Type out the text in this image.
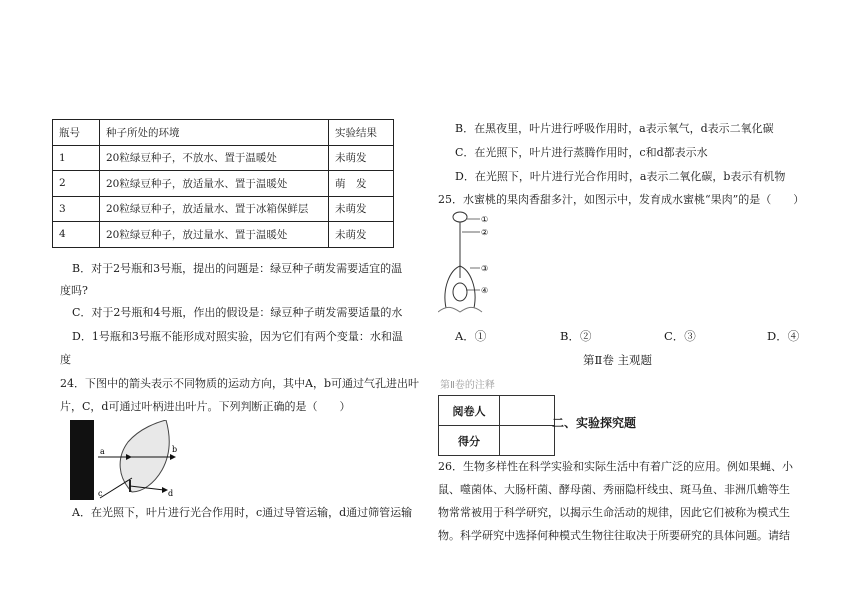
瓶号	种子所处的环境	实验结果
1	20粒绿豆种子，不放水、置于温暖处	未萌发
2	20粒绿豆种子，放适量水、置于温暖处	萌　发
3	20粒绿豆种子，放适量水、置于冰箱保鲜层	未萌发
4	20粒绿豆种子，放过量水、置于温暖处	未萌发
B．对于2号瓶和3号瓶，提出的问题是：绿豆种子萌发需要适宜的温
度吗?
C．对于2号瓶和4号瓶，作出的假设是：绿豆种子萌发需要适量的水
D．1号瓶和3号瓶不能形成对照实验，因为它们有两个变量：水和温
度
24．下图中的箭头表示不同物质的运动方向，其中A，b可通过气孔进出叶
片，C，d可通过叶柄进出叶片。下列判断正确的是（　　）
a	b
c	d
A．在光照下，叶片进行光合作用时，c通过导管运输，d通过筛管运输
B．在黑夜里，叶片进行呼吸作用时，a表示氧气，d表示二氧化碳
C．在光照下，叶片进行蒸腾作用时，c和d都表示水
D．在光照下，叶片进行光合作用时，a表示二氧化碳，b表示有机物
25．水蜜桃的果肉香甜多汁，如图示中，发育成水蜜桃“果肉”的是（　　）
①
②
③
④
A．①	B．②	C．③	D．④
第Ⅱ卷 主观题
第Ⅱ卷的注释
阅卷人	
得分	
二、实验探究题
26．生物多样性在科学实验和实际生活中有着广泛的应用。例如果蝇、小
鼠、噬菌体、大肠杆菌、酵母菌、秀丽隐杆线虫、斑马鱼、非洲爪蟾等生
物常常被用于科学研究，以揭示生命活动的规律，因此它们被称为模式生
物。科学研究中选择何种模式生物往往取决于所要研究的具体问题。请结
